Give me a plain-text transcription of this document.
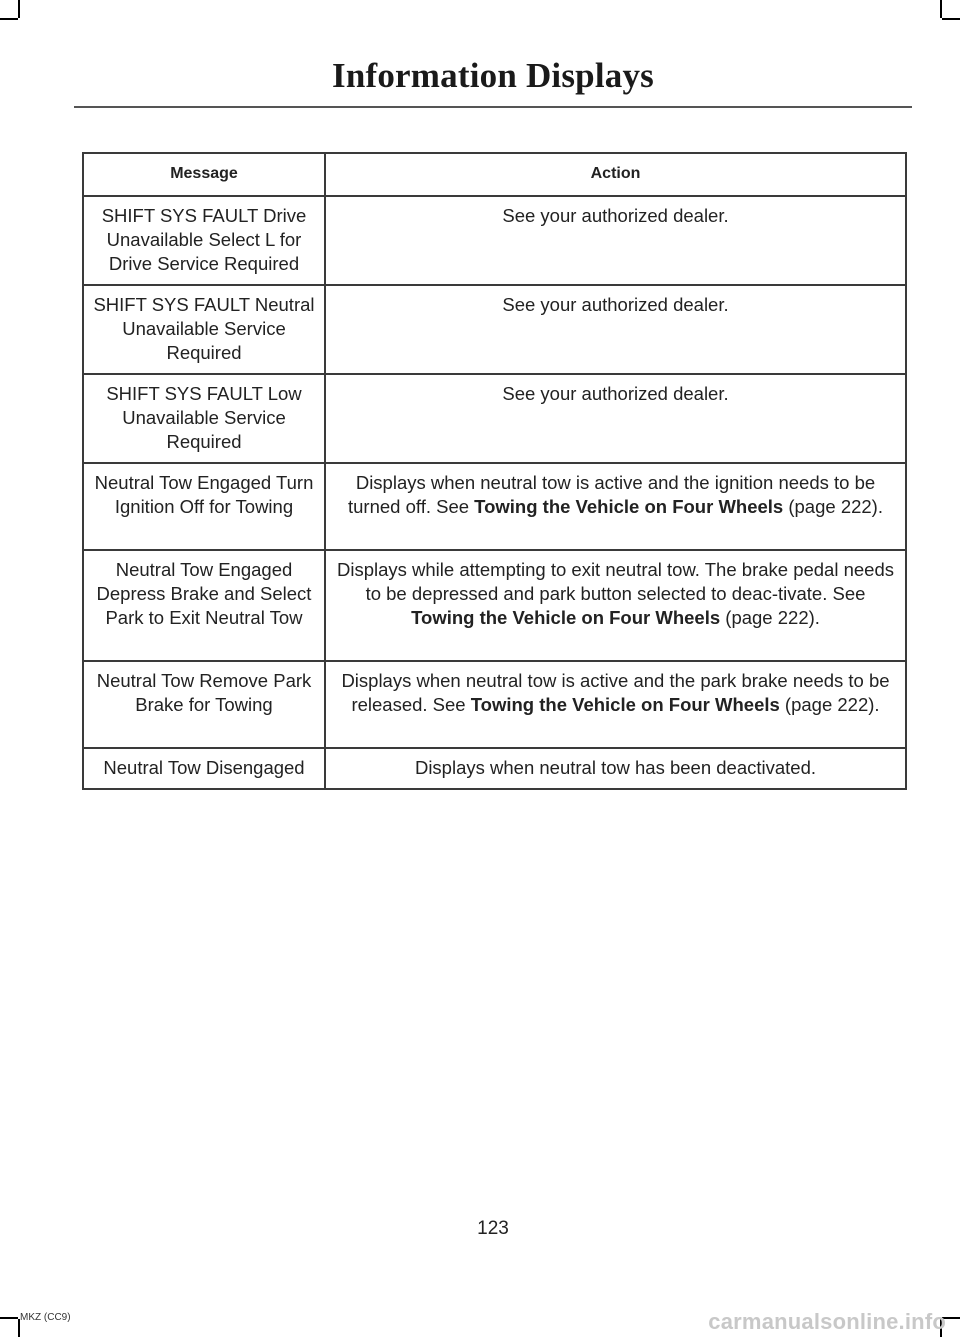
Information Displays
Message	Action
SHIFT SYS FAULT Drive Unavailable Select L for Drive Service Required	See your authorized dealer.
SHIFT SYS FAULT Neutral Unavailable Service Required	See your authorized dealer.
SHIFT SYS FAULT Low Unavailable Service Required	See your authorized dealer.
Neutral Tow Engaged Turn Ignition Off for Towing	Displays when neutral tow is active and the ignition needs to be turned off. See Towing the Vehicle on Four Wheels (page 222).
Neutral Tow Engaged Depress Brake and Select Park to Exit Neutral Tow	Displays while attempting to exit neutral tow. The brake pedal needs to be depressed and park button selected to deac-tivate. See Towing the Vehicle on Four Wheels (page 222).
Neutral Tow Remove Park Brake for Towing	Displays when neutral tow is active and the park brake needs to be released. See Towing the Vehicle on Four Wheels (page 222).
Neutral Tow Disengaged	Displays when neutral tow has been deactivated.
123
MKZ (CC9)	carmanualsonline.info
